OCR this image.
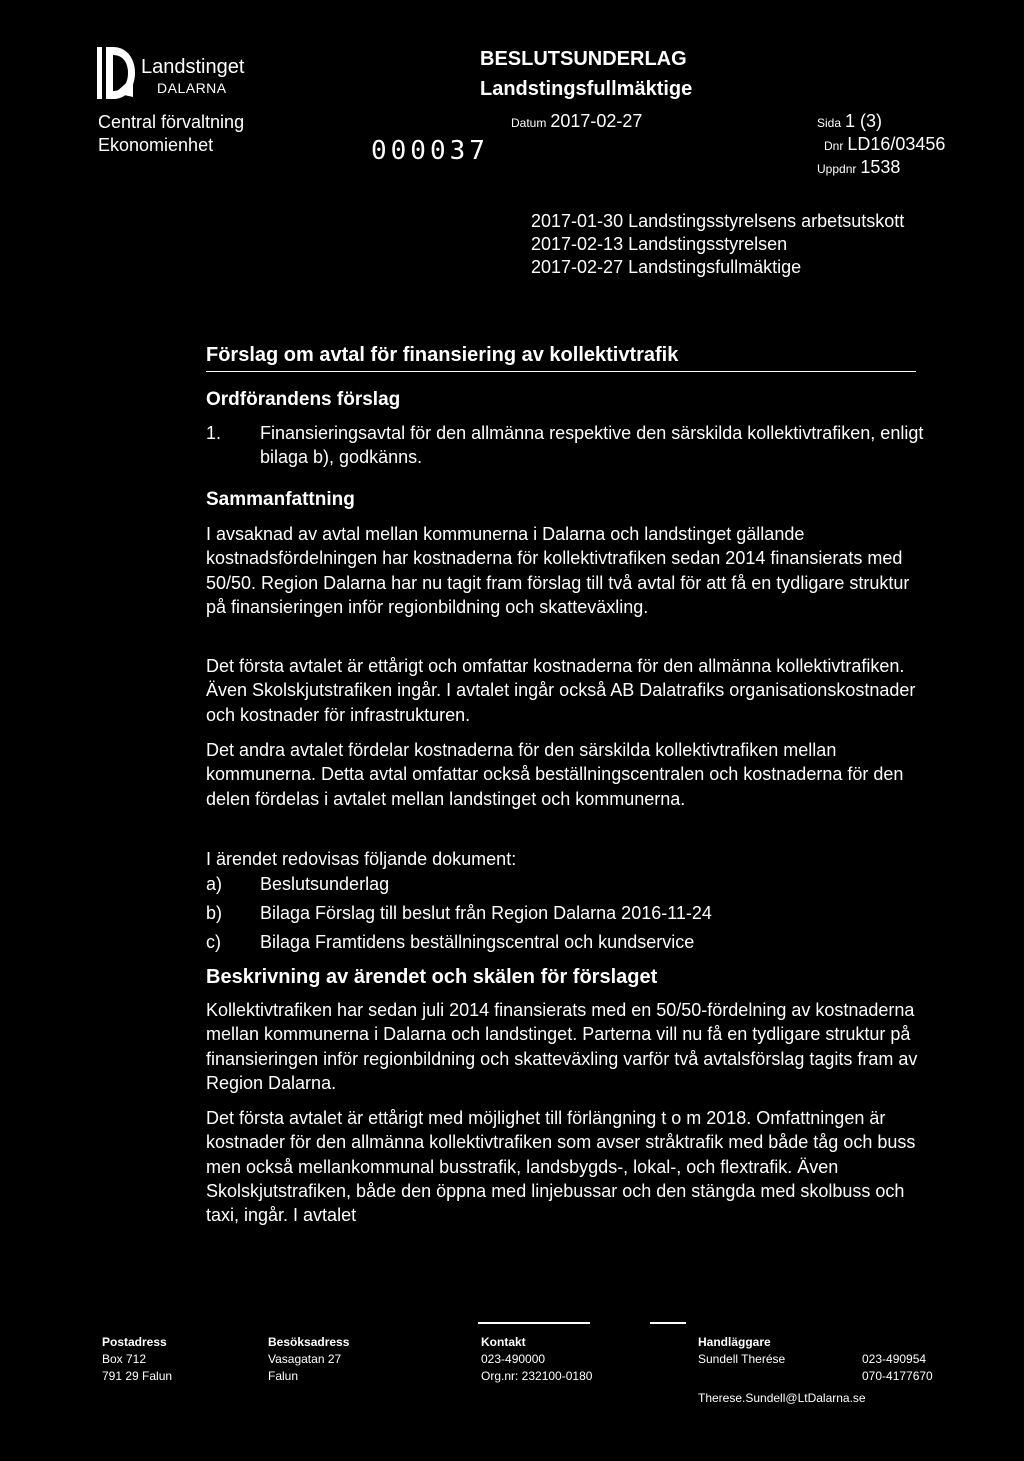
Landstinget
DALARNA
Central förvaltning
Ekonomienhet
BESLUTSUNDERLAG
Landstingsfullmäktige
000037
Datum 2017-02-27	Sida 1 (3)
Dnr LD16/03456
Uppdnr 1538
2017-01-30 Landstingsstyrelsens arbetsutskott
2017-02-13 Landstingsstyrelsen
2017-02-27 Landstingsfullmäktige
Förslag om avtal för finansiering av kollektivtrafik
Ordförandens förslag
1. Finansieringsavtal för den allmänna respektive den särskilda kollektivtrafiken, enligt bilaga b), godkänns.
Sammanfattning
I avsaknad av avtal mellan kommunerna i Dalarna och landstinget gällande kostnadsfördelningen har kostnaderna för kollektivtrafiken sedan 2014 finansierats med 50/50. Region Dalarna har nu tagit fram förslag till två avtal för att få en tydligare struktur på finansieringen inför regionbildning och skatteväxling.
Det första avtalet är ettårigt och omfattar kostnaderna för den allmänna kollektivtrafiken. Även Skolskjutstrafiken ingår. I avtalet ingår också AB Dalatrafiks organisationskostnader och kostnader för infrastrukturen.
Det andra avtalet fördelar kostnaderna för den särskilda kollektivtrafiken mellan kommunerna. Detta avtal omfattar också beställningscentralen och kostnaderna för den delen fördelas i avtalet mellan landstinget och kommunerna.
I ärendet redovisas följande dokument:
a) Beslutsunderlag
b) Bilaga Förslag till beslut från Region Dalarna 2016-11-24
c) Bilaga Framtidens beställningscentral och kundservice
Beskrivning av ärendet och skälen för förslaget
Kollektivtrafiken har sedan juli 2014 finansierats med en 50/50-fördelning av kostnaderna mellan kommunerna i Dalarna och landstinget. Parterna vill nu få en tydligare struktur på finansieringen inför regionbildning och skatteväxling varför två avtalsförslag tagits fram av Region Dalarna.
Det första avtalet är ettårigt med möjlighet till förlängning t o m 2018. Omfattningen är kostnader för den allmänna kollektivtrafiken som avser stråktrafik med både tåg och buss men också mellankommunal busstrafik, landsbygds-, lokal-, och flextrafik. Även Skolskjutstrafiken, både den öppna med linjebussar och den stängda med skolbuss och taxi, ingår. I avtalet
Postadress
Box 712
791 29 Falun
Besöksadress
Vasagatan 27
Falun
Kontakt
023-490000
Org.nr: 232100-0180
Handläggare
Sundell Therése	023-490954
070-4177670
Therese.Sundell@LtDalarna.se
